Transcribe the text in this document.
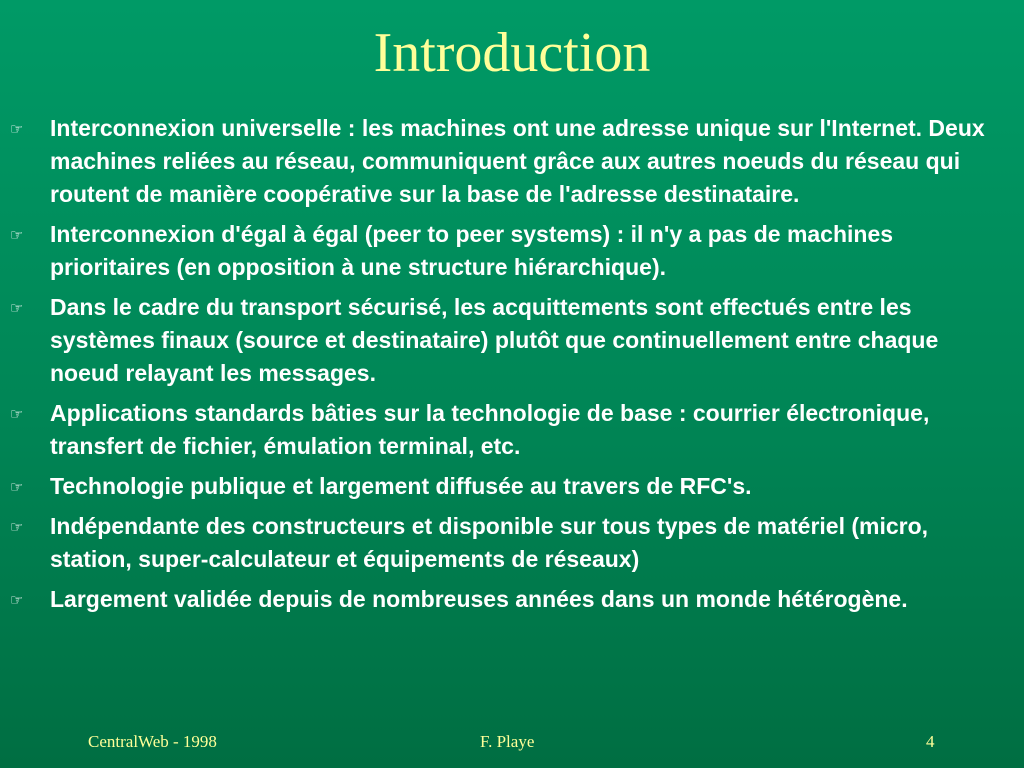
Introduction
☞ Interconnexion universelle : les machines ont une adresse unique sur l'Internet. Deux machines reliées au réseau, communiquent grâce aux autres noeuds du réseau qui routent de manière coopérative sur la base de l'adresse destinataire.
☞ Interconnexion d'égal à égal (peer to peer systems) : il n'y a pas de machines prioritaires (en opposition à une structure hiérarchique).
☞ Dans le cadre du transport sécurisé, les acquittements sont effectués entre les systèmes finaux (source et destinataire) plutôt que continuellement entre chaque noeud relayant les messages.
☞ Applications standards bâties sur la technologie de base : courrier électronique, transfert de fichier, émulation terminal, etc.
☞ Technologie publique et largement diffusée au travers de RFC's.
☞ Indépendante des constructeurs et disponible sur tous types de matériel (micro, station, super-calculateur et équipements de réseaux)
☞ Largement validée depuis de nombreuses années dans un monde hétérogène.
CentralWeb - 1998	F. Playe	4
